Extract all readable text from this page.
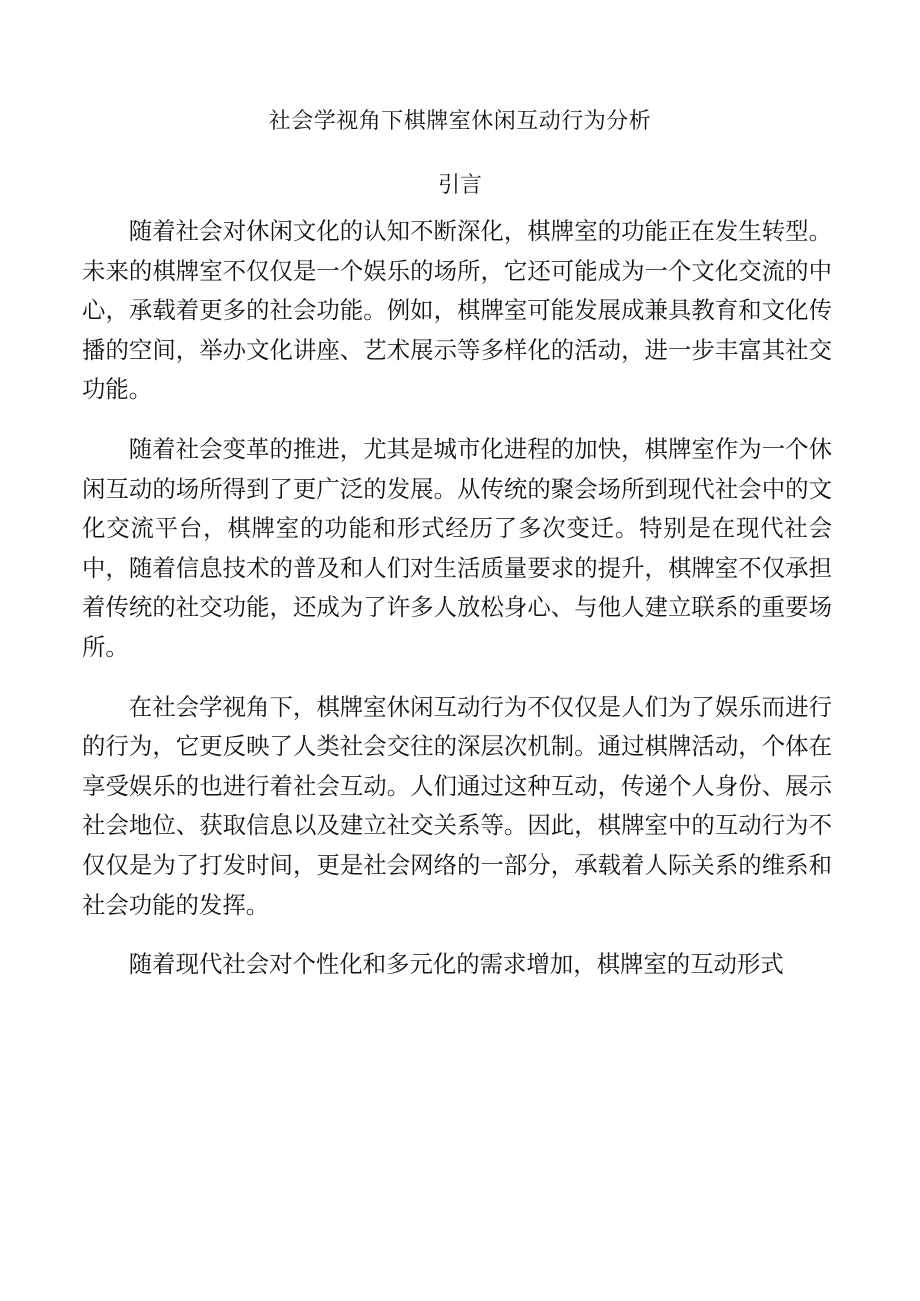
社会学视角下棋牌室休闲互动行为分析
引言

随着社会对休闲文化的认知不断深化，棋牌室的功能正在发生转型。未来的棋牌室不仅仅是一个娱乐的场所，它还可能成为一个文化交流的中心，承载着更多的社会功能。例如，棋牌室可能发展成兼具教育和文化传播的空间，举办文化讲座、艺术展示等多样化的活动，进一步丰富其社交功能。

随着社会变革的推进，尤其是城市化进程的加快，棋牌室作为一个休闲互动的场所得到了更广泛的发展。从传统的聚会场所到现代社会中的文化交流平台，棋牌室的功能和形式经历了多次变迁。特别是在现代社会中，随着信息技术的普及和人们对生活质量要求的提升，棋牌室不仅承担着传统的社交功能，还成为了许多人放松身心、与他人建立联系的重要场所。

在社会学视角下，棋牌室休闲互动行为不仅仅是人们为了娱乐而进行的行为，它更反映了人类社会交往的深层次机制。通过棋牌活动，个体在享受娱乐的也进行着社会互动。人们通过这种互动，传递个人身份、展示社会地位、获取信息以及建立社交关系等。因此，棋牌室中的互动行为不仅仅是为了打发时间，更是社会网络的一部分，承载着人际关系的维系和社会功能的发挥。

随着现代社会对个性化和多元化的需求增加，棋牌室的互动形式
